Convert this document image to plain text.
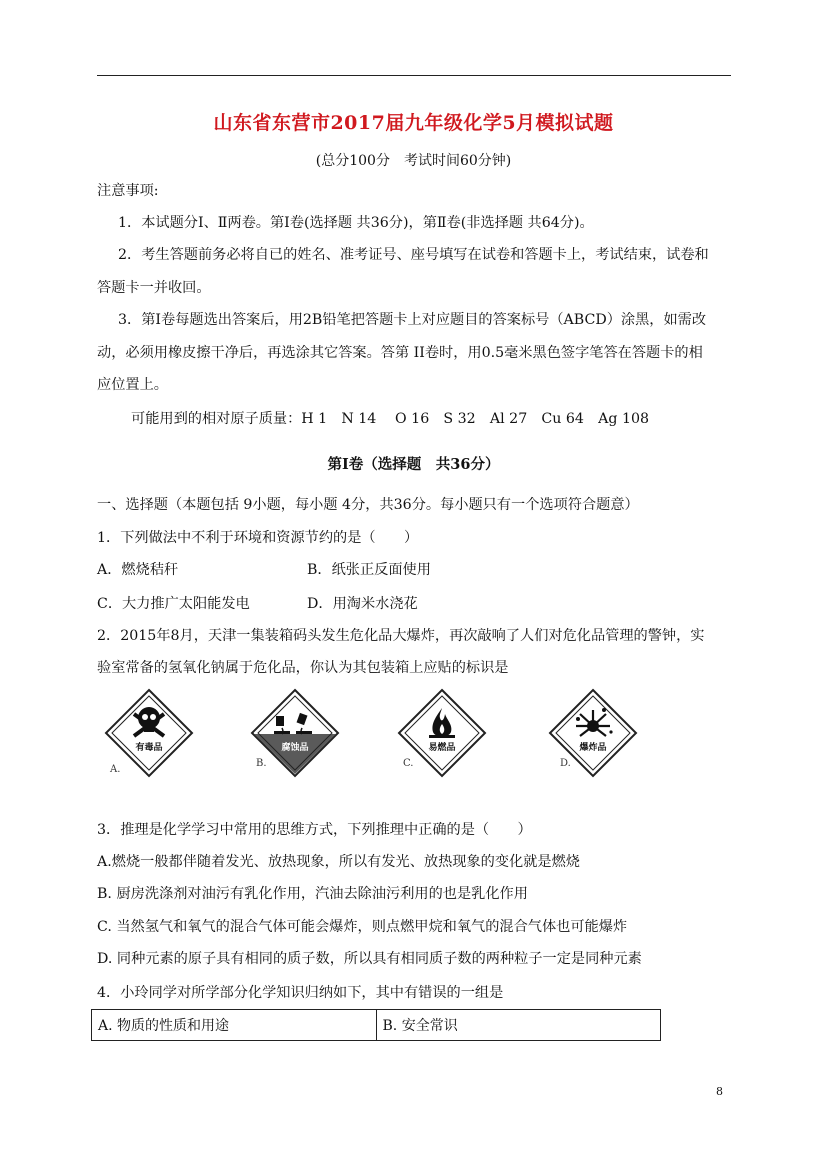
山东省东营市2017届九年级化学5月模拟试题
(总分100分　考试时间60分钟)
注意事项:
1．本试题分Ⅰ、Ⅱ两卷。第Ⅰ卷(选择题 共36分)，第Ⅱ卷(非选择题 共64分)。
2．考生答题前务必将自已的姓名、准考证号、座号填写在试卷和答题卡上，考试结束，试卷和
答题卡一并收回。
3．第Ⅰ卷每题选出答案后，用2B铅笔把答题卡上对应题目的答案标号（ABCD）涂黑，如需改
动，必须用橡皮擦干净后，再选涂其它答案。答第 II卷时，用0.5毫米黑色签字笔答在答题卡的相
应位置上。
可能用到的相对原子质量：H 1　N 14　 O 16　S 32　Al 27　Cu 64　Ag 108
第Ⅰ卷（选择题　共36分）
一、选择题（本题包括 9小题，每小题 4分，共36分。每小题只有一个选项符合题意）
1．下列做法中不利于环境和资源节约的是（　　）
A．燃烧秸秆	B．纸张正反面使用
C．大力推广太阳能发电	D．用淘米水浇花
2．2015年8月，天津一集装箱码头发生危化品大爆炸，再次敲响了人们对危化品管理的警钟，实
验室常备的氢氧化钠属于危化品，你认为其包装箱上应贴的标识是
有毒品
A.
腐蚀品
B.
易燃品
C.
爆炸品
D.
3．推理是化学学习中常用的思维方式，下列推理中正确的是（　　）
A.燃烧一般都伴随着发光、放热现象，所以有发光、放热现象的变化就是燃烧
B. 厨房洗涤剂对油污有乳化作用，汽油去除油污利用的也是乳化作用
C. 当然氢气和氧气的混合气体可能会爆炸，则点燃甲烷和氧气的混合气体也可能爆炸
D. 同种元素的原子具有相同的质子数，所以具有相同质子数的两种粒子一定是同种元素
4．小玲同学对所学部分化学知识归纳如下，其中有错误的一组是
A. 物质的性质和用途	B. 安全常识
8
